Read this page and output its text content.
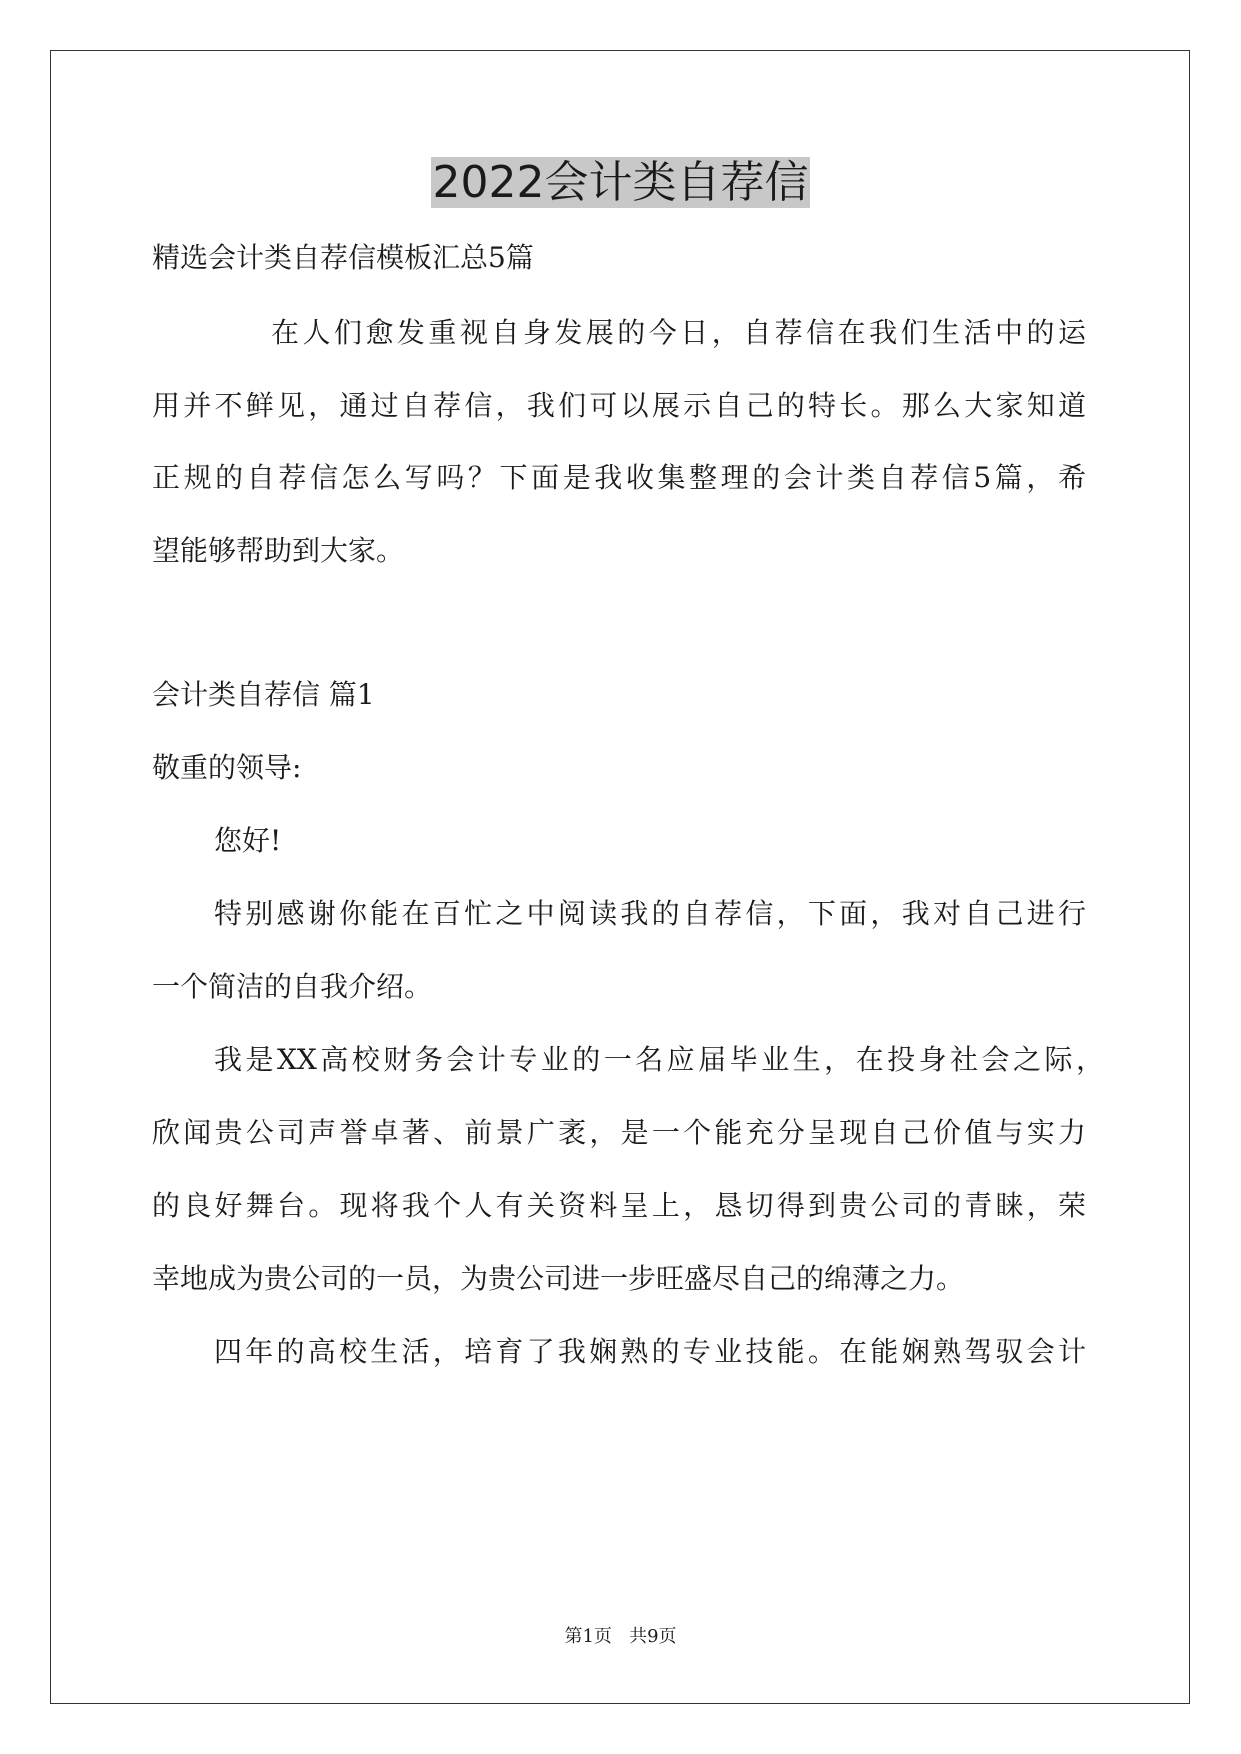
2022会计类自荐信
精选会计类自荐信模板汇总5篇
在人们愈发重视自身发展的今日，自荐信在我们生活中的运
用并不鲜见，通过自荐信，我们可以展示自己的特长。那么大家知道
正规的自荐信怎么写吗？下面是我收集整理的会计类自荐信5篇，希
望能够帮助到大家。
会计类自荐信 篇1
敬重的领导:
您好!
特别感谢你能在百忙之中阅读我的自荐信，下面，我对自己进行
一个简洁的自我介绍。
我是XX高校财务会计专业的一名应届毕业生，在投身社会之际，
欣闻贵公司声誉卓著、前景广袤，是一个能充分呈现自己价值与实力
的良好舞台。现将我个人有关资料呈上，恳切得到贵公司的青睐，荣
幸地成为贵公司的一员，为贵公司进一步旺盛尽自己的绵薄之力。
四年的高校生活，培育了我娴熟的专业技能。在能娴熟驾驭会计
第1页   共9页
